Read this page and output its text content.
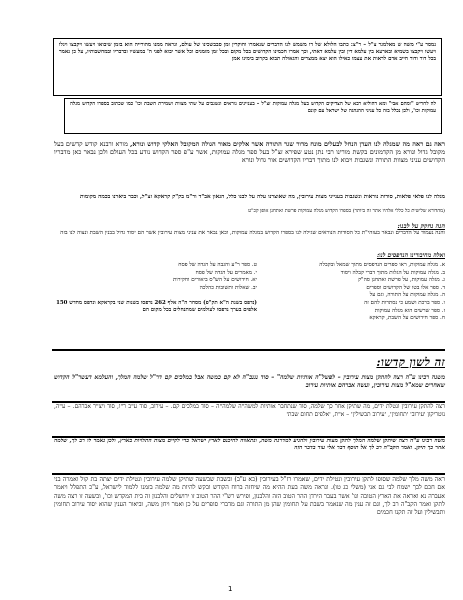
נמסר ע"י משה ש מאלמגר צ"ל – ר"צ: כתבו הלולא של דו משמש לנו הדברים שנאמרו וחוקרין זמן סבבשכינו של עולם, ונראה ממנו מהורייה הוא בזמן שיבואו ויעשו ויקבצו ויגלו ויעשו ויקבצו בשמיא ובארעא בין עלמא דין ובין עלמא דאתי, וכך אמרו חכמינו הקדושים בכל מקום ובכל זמן מזמנים וכל אשר יבוא לפני ה' במעשיו ובדבריו ובמחשבותיו, על כן נאמר בכל דור ודור חייב אדם לראות את עצמו כאילו הוא יצא ממצרים והגאולה תבוא בקרוב בימינו אמן
לה לחריש "ומהם אבי" ומא דהוליא רבא של הצדיקים הקדוש בעל מגלה עמוקות זצ"ל – בעניינים נוראים ונשגבים על שתי מצוות ושמירת השבת וכו' כמו שכתוב בספרו הקדוש מגלה עמוקות וכו', ולכן נכלל בזה כל עניני ההנהגה של ישראל עם קונם
ראה גם ראה מה שמגלה לנו העדן הנחל לבעלים מונח מדור שגר התורה אשר אלקים מאור הגולה המקובל האלקי קדוש ונורא, מורא ורבנא קודש קדשים בעל מקובל גדול ונורא מן הקדמונים בקשת מורינו רבי נתן נטע שפירא זצ"ל בעל ספר מגלה עמוקות, אשר ע"פ ספר הקדוש נודע בכל העולם ולכן נבאר כאן מדבריו הקדושים עניני מצוות התורה ונשגבות ויבוא לנו מתוך דבריו הקדושים אור גדול ונורא
מגלה לנו פלאי פלאות, סודות נוראות ונשגבות בענייני מצות עירובין, מה שאוצרנו עלה על לבנו כלל, הגאון אב"ד ור"מ בק"ק קראקא זצ"ל, וכבר ביארנו בכמה מקומות
(מהדורא שלישית כל כללי אלהיו אתר זה ביותר) בספרו הקדוש מגלה עמוקות פרשת ואתחנן אופן קכ"ט
הנה נחקק על לבנו:
והנה נעמוד על הדברים ונבאר בעזהי"ת כל הסודות הנוראים שגילה לנו בספרו הקדוש במגלה עמוקות, וכאן נבאר את עניני מצות עירובין אשר הם יסוד גדול בבנין השבת ונצוה לנו בזה
ואלה מחיבורינו הנדפסים לנו:
א. מגלה עמוקות, ראו ספרים הנדפסים מתוך שמאל ובקבלה
ב. מגלה עמוקות על הגלות מתוך דברי קבלה ויסוד
ג. מגלה עמוקות, על פרשת ואתחנן סה"ק
ד. ספר אלו בטו של הקדושים וספרים
ה. מגלה עמוקות על התורה, וגם על
ו. ספר ברכת ושמע כי נסתרות להם זה
ז. ספר שרשים הוא מגלה עמוקות
ח. ספר חידושים על השבת, קראקא
ט. ספר ר"ע והגבה על הגדה של פסח
י. מאמרים על הגדה של פסח
יא. חידושים על הש"ס ביאורים וחקירות
יב. שאלות ותשובות כהלכה
(נדפס בשנת ה"א תק"פ) מסחר ה"ה אלף 262 נדפסו בשנות שני בקראקא ונדפס מחדש 150 אלפים בערך נדפסו לעולמים שמתנחלים בכל מקום הם
זה לשון קדשו:
משנה רבינו ע"ה רצה להתקן מצות עירובין – לפשל"ה אותיות שלמה" – סוד נגנב"ה לא קם כמשה אבל במלכים קם דר"ל שלמה המלך, והעלמא דעשר"ל הקדוש שאחרים שמא"ל מצות עירובין, ועשה אברהם אותיות עירוב
רצה להתקן עירובין ונטלת ידים, מה שתיקן אחר כך שלמה, סוד שנתחבר אותיות למשה"ה שלמה"ה – סוד במלכים קם. – עירוב, סוד ע"ב ר"ו, סוד ויצ"ר אברהם. – ע"ה, נוטריקון 'עירוב' 'תחומין', 'עירוב תבשילין' – א"ת, 'אלפים תחום שבת'
משה רבינו ע"ה רצה שיתקן שלמה המלך לתקן מצות עירובין ולהגיע למדרגת משה, ונתאווה להיכנס לארץ ישראל כדי לקיים מצות התלויות בארץ, ולכן נאמר לו רב לך, שלמה אחר כך תיקן. ואמר הקב"ה רב לך אל תוסף דבר אלי עוד בדבר הזה
ראה משה מלך שלמה שסופו לתקן עירובין ונטילת ידים, שאמרו רז"ל בעירובין (כא ע"ב) ובשבת שבשעה שתיקן שלמה עירובין ונטילת ידים יצתה בת קול ואמרה בני אם חכם לבך ישמח לבי גם אני (משלי כג טו). ונראה משה בעת ההיא מה שיחזה ברוח הקודש ובקש להיות מה שלמה בזמנו ללמוד לישראל, ע"כ התפלל ויאמר אעברה נא ואראה את הארץ הטובה ונו' אשר בעבר הירדן ההר הטוב הזה והלבנון, ופירש רש"י ההר הטוב זו ירושלים והלבנון זה בית המקדש וכו', ובשעה זו רצה משה לתקן ואמר הקב"ה רב לך, וגם זה ענין מה שנאמר בשבת על תחומין שהן מן התורה וגם מדברי סופרים על כן ואמר ויחן משה, וביאור הענין שהוא יסוד עירוב תחומין ותבשילין ועל זה תקנו חכמים
1
